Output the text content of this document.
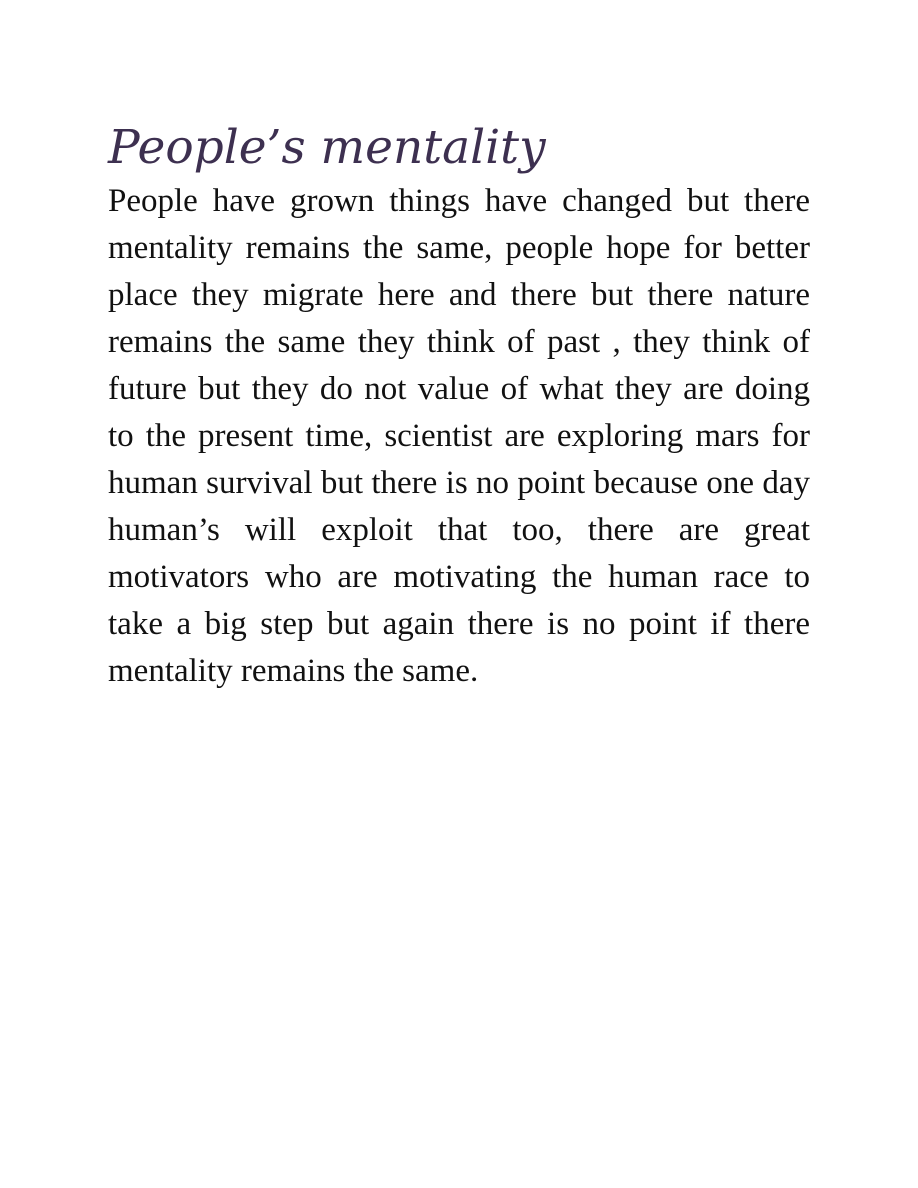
People’s mentality

People have grown things have changed but there mentality remains the same, people hope for better place they migrate here and there but there nature remains the same they think of past , they think of future but they do not value of what they are doing to the present time, scientist are exploring mars for human survival but there is no point because one day human’s will exploit that too, there are great motivators who are motivating the human race to take a big step but again there is no point if there mentality remains the same.
